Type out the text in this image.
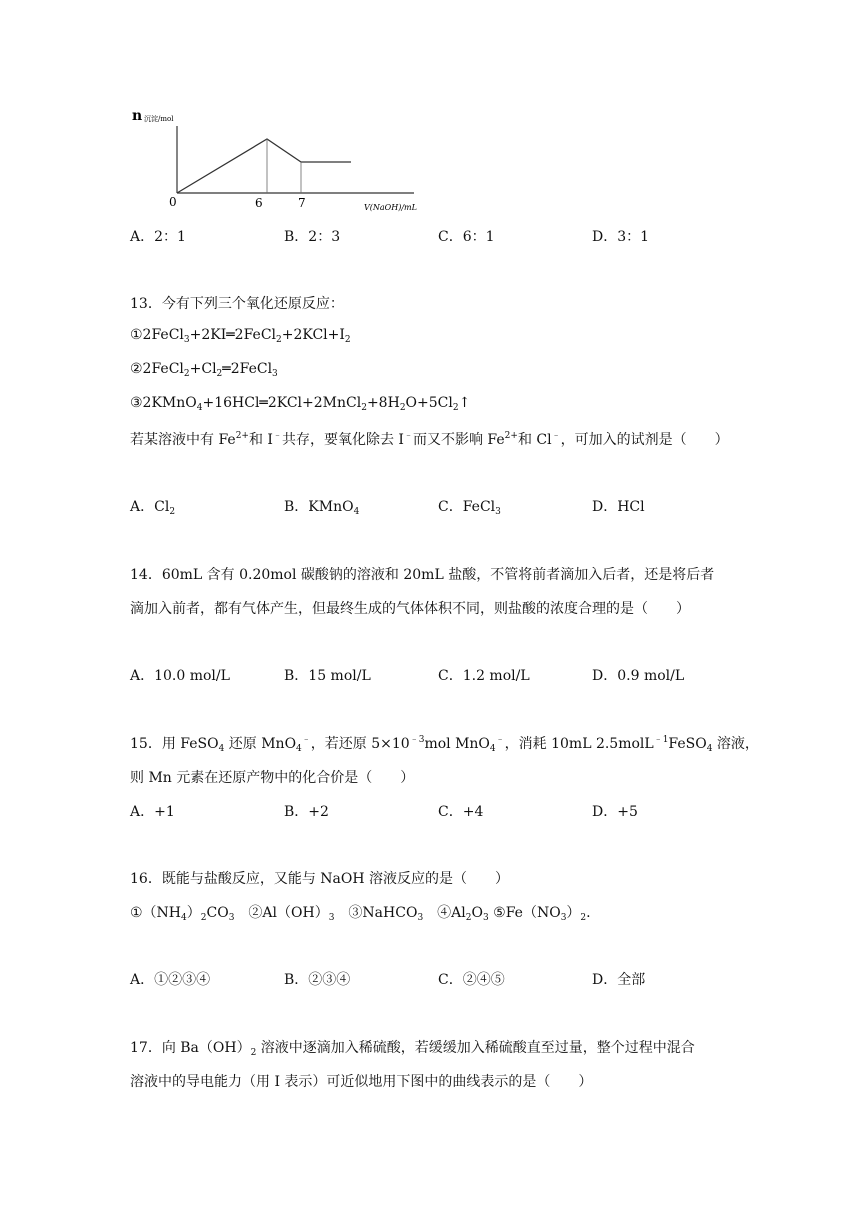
n 沉淀/mol
0	6	7	V(NaOH)/mL
A．2：1	B．2：3	C．6：1	D．3：1
13．今有下列三个氧化还原反应：
$①2FeCl_3+2KI═2FeCl_2+2KCl+I_2$
$②2FeCl_2+Cl_2═2FeCl_3$
$③2KMnO_4+16HCl═2KCl+2MnCl_2+8H_2O+5Cl_2↑$
若某溶液中有 $Fe^{2+}$和 I﹣共存，要氧化除去 I﹣而又不影响 $Fe^{2+}$和 Cl﹣，可加入的试剂是（　　）
A．$Cl_2$	B．KMnO$_4$	C．FeCl$_3$	D．HCl
14．60mL 含有 0.20mol 碳酸钠的溶液和 20mL 盐酸，不管将前者滴加入后者，还是将后者
滴加入前者，都有气体产生，但最终生成的气体体积不同，则盐酸的浓度合理的是（　　）
A．10.0 mol/L	B．15 mol/L	C．1.2 mol/L	D．0.9 mol/L
15．用 FeSO$_4$ 还原 MnO$_4$﹣，若还原 $5\times 10^{﹣3}mol$ MnO$_4$﹣，消耗 10mL 2.5molL$^{﹣1}$FeSO$_4$ 溶液，
则 Mn 元素在还原产物中的化合价是（　　）
A．+1	B．+2	C．+4	D．+5
16．既能与盐酸反应，又能与 NaOH 溶液反应的是（　　）
$①(NH_4)_2CO_3$　$②Al(OH)_3$　③NaHCO$_3$　$④Al_2O_3$ $⑤Fe(NO_3)_2$.
A．①②③④	B．②③④	C．②④⑤	D．全部
17．向 $Ba(OH)_2$ 溶液中逐滴加入稀硫酸，若缓缓加入稀硫酸直至过量，整个过程中混合
溶液中的导电能力（用 I 表示）可近似地用下图中的曲线表示的是（　　）
